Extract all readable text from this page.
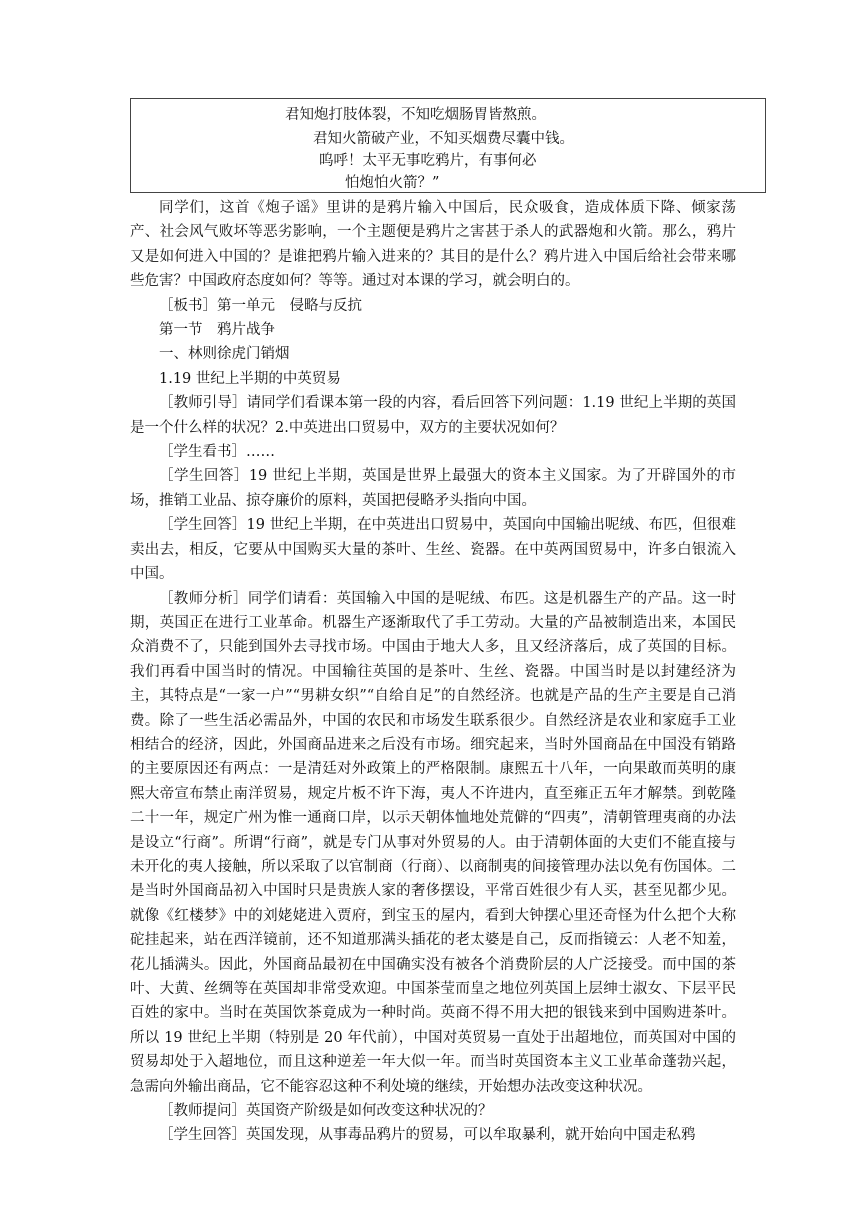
君知炮打肢体裂，不知吃烟肠胃皆熬煎。
君知火箭破产业，不知买烟费尽囊中钱。
呜呼！太平无事吃鸦片，有事何必
怕炮怕火箭？”

同学们，这首《炮子谣》里讲的是鸦片输入中国后，民众吸食，造成体质下降、倾家荡产、社会风气败坏等恶劣影响，一个主题便是鸦片之害甚于杀人的武器炮和火箭。那么，鸦片又是如何进入中国的？是谁把鸦片输入进来的？其目的是什么？鸦片进入中国后给社会带来哪些危害？中国政府态度如何？等等。通过对本课的学习，就会明白的。

［板书］第一单元　侵略与反抗

第一节　鸦片战争

一、林则徐虎门销烟

1.19 世纪上半期的中英贸易

［教师引导］请同学们看课本第一段的内容，看后回答下列问题：1.19 世纪上半期的英国是一个什么样的状况？2.中英进出口贸易中，双方的主要状况如何？

［学生看书］……

［学生回答］19 世纪上半期，英国是世界上最强大的资本主义国家。为了开辟国外的市场，推销工业品、掠夺廉价的原料，英国把侵略矛头指向中国。

［学生回答］19 世纪上半期，在中英进出口贸易中，英国向中国输出呢绒、布匹，但很难卖出去，相反，它要从中国购买大量的茶叶、生丝、瓷器。在中英两国贸易中，许多白银流入中国。

［教师分析］同学们请看：英国输入中国的是呢绒、布匹。这是机器生产的产品。这一时期，英国正在进行工业革命。机器生产逐渐取代了手工劳动。大量的产品被制造出来，本国民众消费不了，只能到国外去寻找市场。中国由于地大人多，且又经济落后，成了英国的目标。我们再看中国当时的情况。中国输往英国的是茶叶、生丝、瓷器。中国当时是以封建经济为主，其特点是“一家一户”“男耕女织”“自给自足”的自然经济。也就是产品的生产主要是自己消费。除了一些生活必需品外，中国的农民和市场发生联系很少。自然经济是农业和家庭手工业相结合的经济，因此，外国商品进来之后没有市场。细究起来，当时外国商品在中国没有销路的主要原因还有两点：一是清廷对外政策上的严格限制。康熙五十八年，一向果敢而英明的康熙大帝宣布禁止南洋贸易，规定片板不许下海，夷人不许进内，直至雍正五年才解禁。到乾隆二十一年，规定广州为惟一通商口岸，以示天朝体恤地处荒僻的“四夷”，清朝管理夷商的办法是设立“行商”。所谓“行商”，就是专门从事对外贸易的人。由于清朝体面的大吏们不能直接与未开化的夷人接触，所以采取了以官制商（行商）、以商制夷的间接管理办法以免有伤国体。二是当时外国商品初入中国时只是贵族人家的奢侈摆设，平常百姓很少有人买，甚至见都少见。就像《红楼梦》中的刘姥姥进入贾府，到宝玉的屋内，看到大钟摆心里还奇怪为什么把个大称砣挂起来，站在西洋镜前，还不知道那满头插花的老太婆是自己，反而指镜云：人老不知羞，花儿插满头。因此，外国商品最初在中国确实没有被各个消费阶层的人广泛接受。而中国的茶叶、大黄、丝绸等在英国却非常受欢迎。中国茶莹而皇之地位列英国上层绅士淑女、下层平民百姓的家中。当时在英国饮茶竟成为一种时尚。英商不得不用大把的银钱来到中国购进茶叶。所以 19 世纪上半期（特别是 20 年代前），中国对英贸易一直处于出超地位，而英国对中国的贸易却处于入超地位，而且这种逆差一年大似一年。而当时英国资本主义工业革命蓬勃兴起，急需向外输出商品，它不能容忍这种不利处境的继续，开始想办法改变这种状况。

［教师提问］英国资产阶级是如何改变这种状况的？

［学生回答］英国发现，从事毒品鸦片的贸易，可以牟取暴利，就开始向中国走私鸦
